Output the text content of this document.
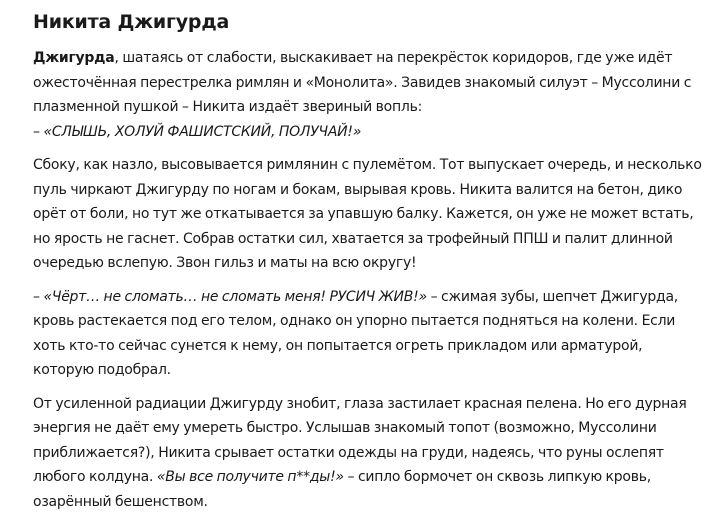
Никита Джигурда

Джигурда, шатаясь от слабости, выскакивает на перекрёсток коридоров, где уже идёт ожесточённая перестрелка римлян и «Монолита». Завидев знакомый силуэт – Муссолини с плазменной пушкой – Никита издаёт звериный вопль:
– «СЛЫШЬ, ХОЛУЙ ФАШИСТСКИЙ, ПОЛУЧАЙ!»

Сбоку, как назло, высовывается римлянин с пулемётом. Тот выпускает очередь, и несколько пуль чиркают Джигурду по ногам и бокам, вырывая кровь. Никита валится на бетон, дико орёт от боли, но тут же откатывается за упавшую балку. Кажется, он уже не может встать, но ярость не гаснет. Собрав остатки сил, хватается за трофейный ППШ и палит длинной очередью вслепую. Звон гильз и маты на всю округу!

– «Чёрт… не сломать… не сломать меня! РУСИЧ ЖИВ!» – сжимая зубы, шепчет Джигурда, кровь растекается под его телом, однако он упорно пытается подняться на колени. Если хоть кто-то сейчас сунется к нему, он попытается огреть прикладом или арматурой, которую подобрал.

От усиленной радиации Джигурду знобит, глаза застилает красная пелена. Но его дурная энергия не даёт ему умереть быстро. Услышав знакомый топот (возможно, Муссолини приближается?), Никита срывает остатки одежды на груди, надеясь, что руны ослепят любого колдуна. «Вы все получите п**ды!» – сипло бормочет он сквозь липкую кровь, озарённый бешенством.
